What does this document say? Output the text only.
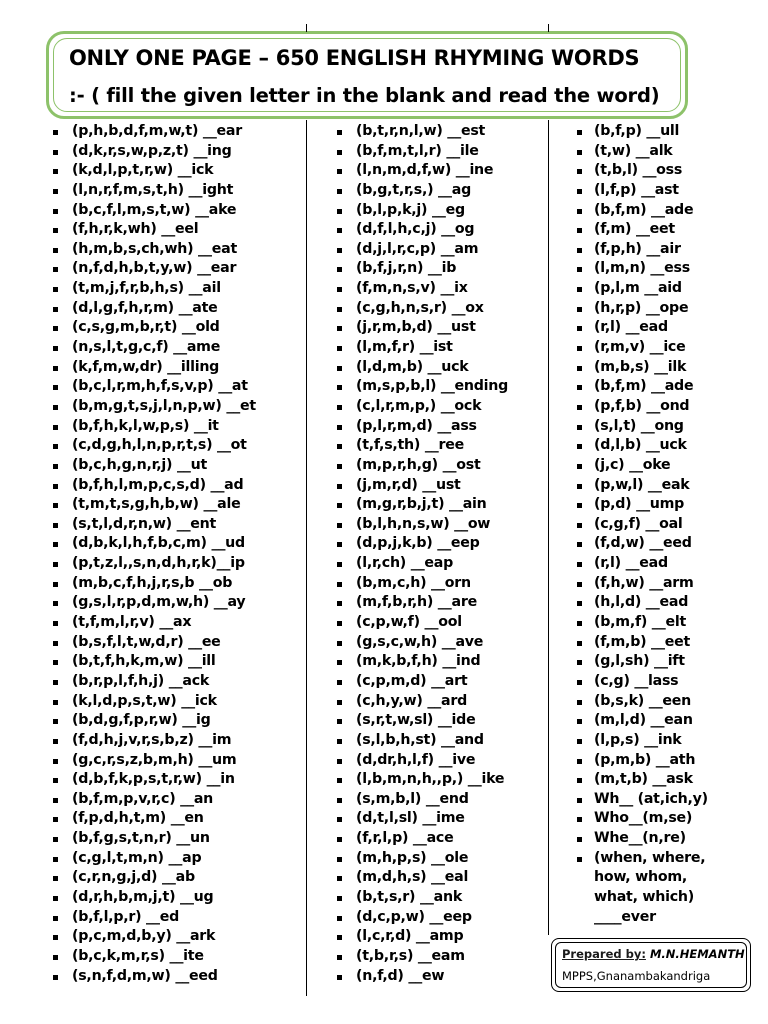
ONLY ONE PAGE – 650 ENGLISH RHYMING WORDS
:- ( fill the given letter in the blank and read the word)
(p,h,b,d,f,m,w,t) __ear
(d,k,r,s,w,p,z,t) __ing
(k,d,l,p,t,r,w) __ick
(l,n,r,f,m,s,t,h) __ight
(b,c,f,l,m,s,t,w) __ake
(f,h,r,k,wh) __eel
(h,m,b,s,ch,wh) __eat
(n,f,d,h,b,t,y,w) __ear
(t,m,j,f,r,b,h,s) __ail
(d,l,g,f,h,r,m) __ate
(c,s,g,m,b,r,t) __old
(n,s,l,t,g,c,f) __ame
(k,f,m,w,dr) __illing
(b,c,l,r,m,h,f,s,v,p) __at
(b,m,g,t,s,j,l,n,p,w) __et
(b,f,h,k,l,w,p,s) __it
(c,d,g,h,l,n,p,r,t,s) __ot
(b,c,h,g,n,r,j) __ut
(b,f,h,l,m,p,c,s,d) __ad
(t,m,t,s,g,h,b,w) __ale
(s,t,l,d,r,n,w) __ent
(d,b,k,l,h,f,b,c,m) __ud
(p,t,z,l,,s,n,d,h,r,k)__ip
(m,b,c,f,h,j,r,s,b __ob
(g,s,l,r,p,d,m,w,h) __ay
(t,f,m,l,r,v) __ax
(b,s,f,l,t,w,d,r) __ee
(b,t,f,h,k,m,w) __ill
(b,r,p,l,f,h,j) __ack
(k,l,d,p,s,t,w) __ick
(b,d,g,f,p,r,w) __ig
(f,d,h,j,v,r,s,b,z) __im
(g,c,r,s,z,b,m,h) __um
(d,b,f,k,p,s,t,r,w) __in
(b,f,m,p,v,r,c) __an
(f,p,d,h,t,m) __en
(b,f,g,s,t,n,r) __un
(c,g,l,t,m,n) __ap
(c,r,n,g,j,d) __ab
(d,r,h,b,m,j,t) __ug
(b,f,l,p,r) __ed
(p,c,m,d,b,y) __ark
(b,c,k,m,r,s) __ite
(s,n,f,d,m,w) __eed
(b,t,r,n,l,w) __est
(b,f,m,t,l,r) __ile
(l,n,m,d,f,w) __ine
(b,g,t,r,s,) __ag
(b,l,p,k,j) __eg
(d,f,l,h,c,j) __og
(d,j,l,r,c,p) __am
(b,f,j,r,n) __ib
(f,m,n,s,v) __ix
(c,g,h,n,s,r) __ox
(j,r,m,b,d) __ust
(l,m,f,r) __ist
(l,d,m,b) __uck
(m,s,p,b,l) __ending
(c,l,r,m,p,) __ock
(p,l,r,m,d) __ass
(t,f,s,th) __ree
(m,p,r,h,g) __ost
(j,m,r,d) __ust
(m,g,r,b,j,t) __ain
(b,l,h,n,s,w) __ow
(d,p,j,k,b) __eep
(l,r,ch) __eap
(b,m,c,h) __orn
(m,f,b,r,h) __are
(c,p,w,f) __ool
(g,s,c,w,h) __ave
(m,k,b,f,h) __ind
(c,p,m,d) __art
(c,h,y,w) __ard
(s,r,t,w,sl) __ide
(s,l,b,h,st) __and
(d,dr,h,l,f) __ive
(l,b,m,n,h,,p,) __ike
(s,m,b,l) __end
(d,t,l,sl) __ime
(f,r,l,p) __ace
(m,h,p,s) __ole
(m,d,h,s) __eal
(b,t,s,r) __ank
(d,c,p,w) __eep
(l,c,r,d) __amp
(t,b,r,s) __eam
(n,f,d) __ew
(b,f,p) __ull
(t,w) __alk
(t,b,l) __oss
(l,f,p) __ast
(b,f,m) __ade
(f,m) __eet
(f,p,h) __air
(l,m,n) __ess
(p,l,m __aid
(h,r,p) __ope
(r,l) __ead
(r,m,v) __ice
(m,b,s) __ilk
(b,f,m) __ade
(p,f,b) __ond
(s,l,t) __ong
(d,l,b) __uck
(j,c) __oke
(p,w,l) __eak
(p,d) __ump
(c,g,f) __oal
(f,d,w) __eed
(r,l) __ead
(f,h,w) __arm
(h,l,d) __ead
(b,m,f) __elt
(f,m,b) __eet
(g,l,sh) __ift
(c,g) __lass
(b,s,k) __een
(m,l,d) __ean
(l,p,s) __ink
(p,m,b) __ath
(m,t,b) __ask
Wh__ (at,ich,y)
Who__(m,se)
Whe__(n,re)
(when, where,
how, whom,
what, which)
____ever
Prepared by: M.N.HEMANTH
MPPS,Gnanambakandriga
